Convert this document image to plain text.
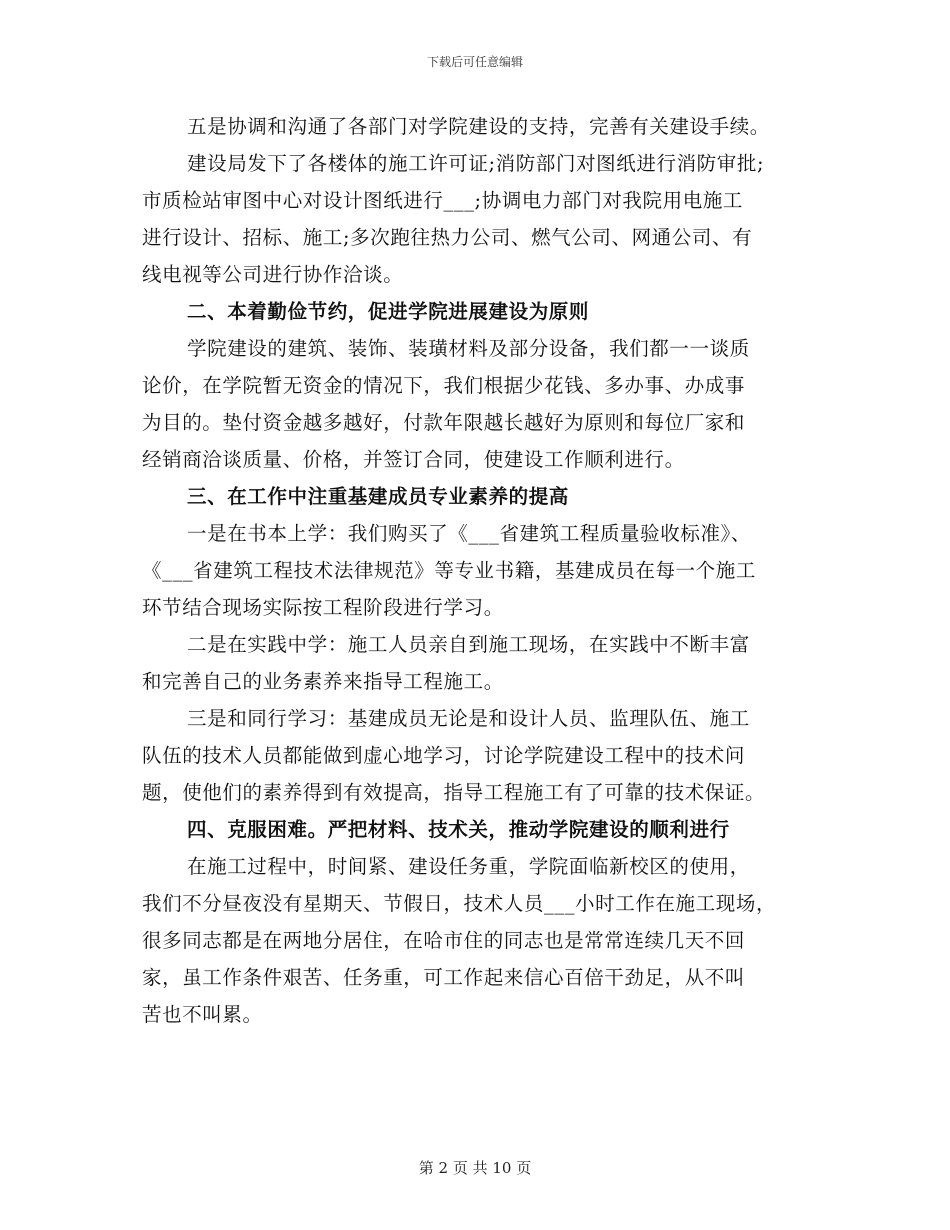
下载后可任意编辑
五是协调和沟通了各部门对学院建设的支持，完善有关建设手续。
建设局发下了各楼体的施工许可证;消防部门对图纸进行消防审批;
市质检站审图中心对设计图纸进行___;协调电力部门对我院用电施工
进行设计、招标、施工;多次跑往热力公司、燃气公司、网通公司、有
线电视等公司进行协作洽谈。
二、本着勤俭节约，促进学院进展建设为原则
学院建设的建筑、装饰、装璜材料及部分设备，我们都一一谈质
论价，在学院暂无资金的情况下，我们根据少花钱、多办事、办成事
为目的。垫付资金越多越好，付款年限越长越好为原则和每位厂家和
经销商洽谈质量、价格，并签订合同，使建设工作顺利进行。
三、在工作中注重基建成员专业素养的提高
一是在书本上学：我们购买了《___省建筑工程质量验收标准》、
《___省建筑工程技术法律规范》等专业书籍，基建成员在每一个施工
环节结合现场实际按工程阶段进行学习。
二是在实践中学：施工人员亲自到施工现场，在实践中不断丰富
和完善自己的业务素养来指导工程施工。
三是和同行学习：基建成员无论是和设计人员、监理队伍、施工
队伍的技术人员都能做到虚心地学习，讨论学院建设工程中的技术问
题，使他们的素养得到有效提高，指导工程施工有了可靠的技术保证。
四、克服困难。严把材料、技术关，推动学院建设的顺利进行
在施工过程中，时间紧、建设任务重，学院面临新校区的使用，
我们不分昼夜没有星期天、节假日，技术人员___小时工作在施工现场，
很多同志都是在两地分居住，在哈市住的同志也是常常连续几天不回
家，虽工作条件艰苦、任务重，可工作起来信心百倍干劲足，从不叫
苦也不叫累。
第 2 页 共 10 页
